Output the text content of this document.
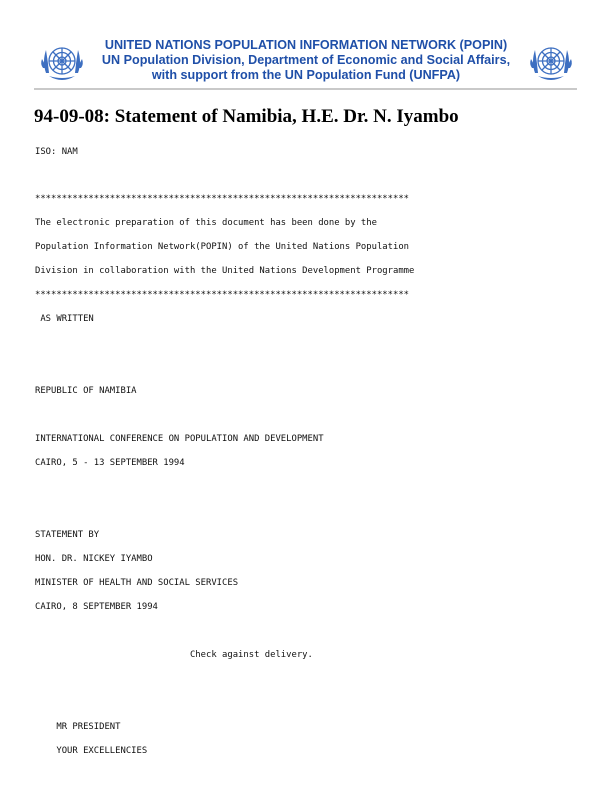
UNITED NATIONS POPULATION INFORMATION NETWORK (POPIN)
UN Population Division, Department of Economic and Social Affairs,
with support from the UN Population Fund (UNFPA)
94-09-08: Statement of Namibia, H.E. Dr. N. Iyambo
ISO: NAM
**********************************************************************
The electronic preparation of this document has been done by the
Population Information Network(POPIN) of the United Nations Population
Division in collaboration with the United Nations Development Programme
**********************************************************************
AS WRITTEN
REPUBLIC OF NAMIBIA
INTERNATIONAL CONFERENCE ON POPULATION AND DEVELOPMENT
CAIRO, 5 - 13 SEPTEMBER 1994
STATEMENT BY
HON. DR. NICKEY IYAMBO
MINISTER OF HEALTH AND SOCIAL SERVICES
CAIRO, 8 SEPTEMBER 1994
Check against delivery.
MR PRESIDENT
YOUR EXCELLENCIES
